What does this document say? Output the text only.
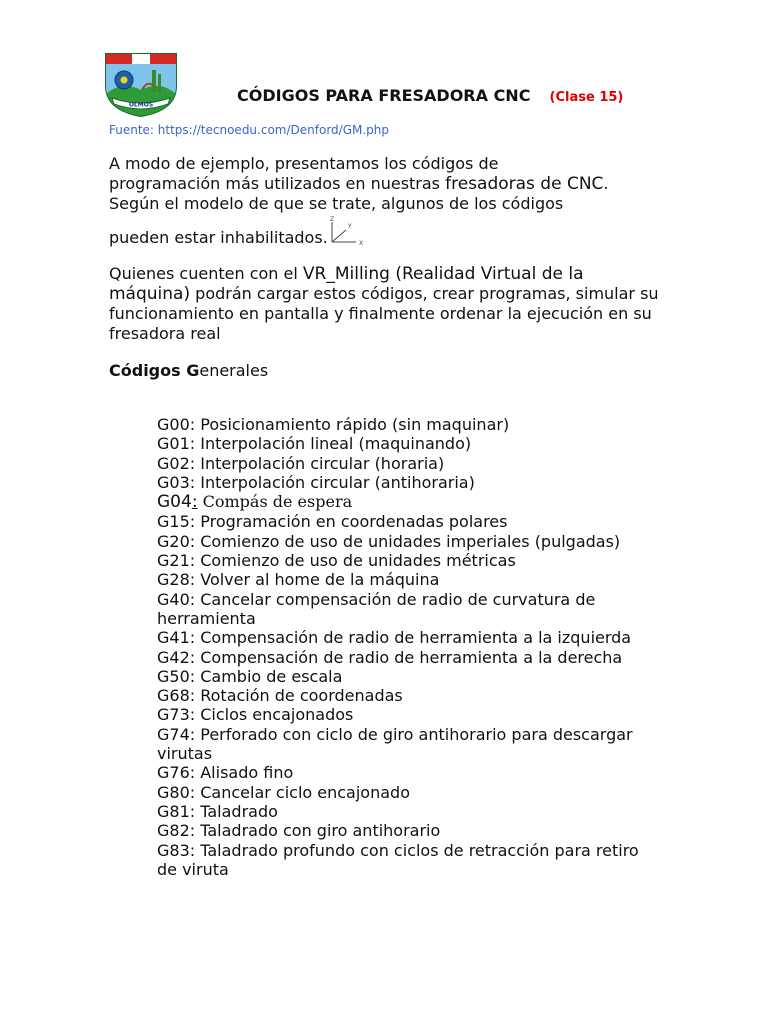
OLMOS	CÓDIGOS PARA FRESADORA CNC (Clase 15)
Fuente: https://tecnoedu.com/Denford/GM.php
A modo de ejemplo, presentamos los códigos de
programación más utilizados en nuestras fresadoras de CNC.
Según el modelo de que se trate, algunos de los códigos
pueden estar inhabilitados.
Z
Y
X
Quienes cuenten con el VR_Milling (Realidad Virtual de la máquina) podrán cargar estos códigos, crear programas, simular su funcionamiento en pantalla y finalmente ordenar la ejecución en su fresadora real
Códigos Generales
G00: Posicionamiento rápido (sin maquinar)
G01: Interpolación lineal (maquinando)
G02: Interpolación circular (horaria)
G03: Interpolación circular (antihoraria)
G04: Compás de espera
G15: Programación en coordenadas polares
G20: Comienzo de uso de unidades imperiales (pulgadas)
G21: Comienzo de uso de unidades métricas
G28: Volver al home de la máquina
G40: Cancelar compensación de radio de curvatura de herramienta
G41: Compensación de radio de herramienta a la izquierda
G42: Compensación de radio de herramienta a la derecha
G50: Cambio de escala
G68: Rotación de coordenadas
G73: Ciclos encajonados
G74: Perforado con ciclo de giro antihorario para descargar virutas
G76: Alisado fino
G80: Cancelar ciclo encajonado
G81: Taladrado
G82: Taladrado con giro antihorario
G83: Taladrado profundo con ciclos de retracción para retiro de viruta
